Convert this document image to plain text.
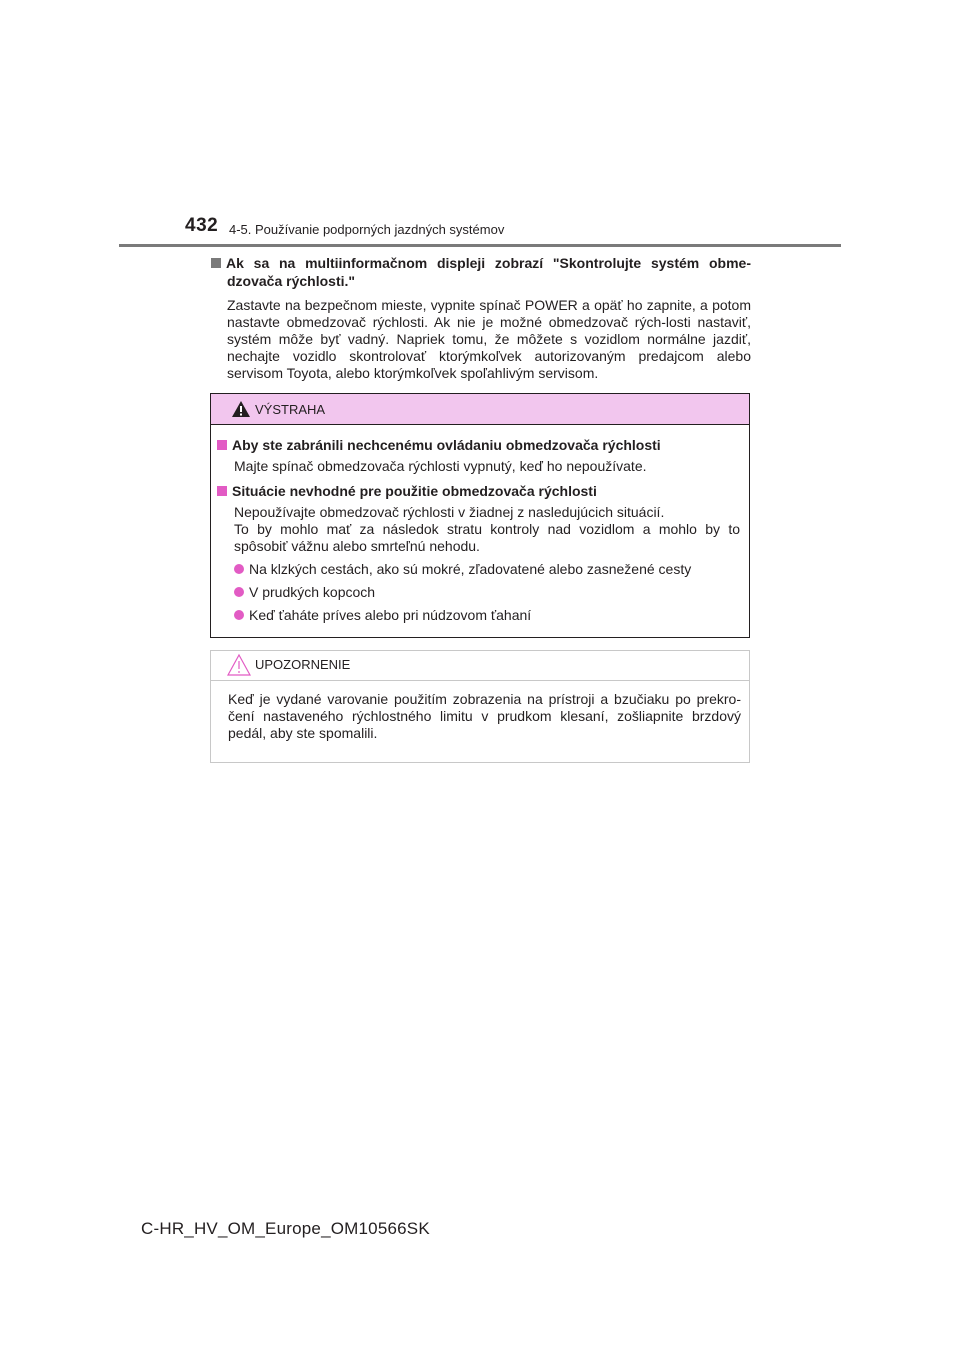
432 4-5. Používanie podporných jazdných systémov
Ak sa na multiinformačnom displeji zobrazí "Skontrolujte systém obme-dzovača rýchlosti."
Zastavte na bezpečnom mieste, vypnite spínač POWER a opäť ho zapnite, a potom nastavte obmedzovač rýchlosti. Ak nie je možné obmedzovač rých-losti nastaviť, systém môže byť vadný. Napriek tomu, že môžete s vozidlom normálne jazdiť, nechajte vozidlo skontrolovať ktorýmkoľvek autorizovaným predajcom alebo servisom Toyota, alebo ktorýmkoľvek spoľahlivým servisom.
VÝSTRAHA
Aby ste zabránili nechcenému ovládaniu obmedzovača rýchlosti
Majte spínač obmedzovača rýchlosti vypnutý, keď ho nepoužívate.
Situácie nevhodné pre použitie obmedzovača rýchlosti
Nepoužívajte obmedzovač rýchlosti v žiadnej z nasledujúcich situácií.
To by mohlo mať za následok stratu kontroly nad vozidlom a mohlo by to spôsobiť vážnu alebo smrteľnú nehodu.
Na klzkých cestách, ako sú mokré, zľadovatené alebo zasnežené cesty
V prudkých kopcoch
Keď ťaháte príves alebo pri núdzovom ťahaní
UPOZORNENIE
Keď je vydané varovanie použitím zobrazenia na prístroji a bzučiaku po prekro-čení nastaveného rýchlostného limitu v prudkom klesaní, zošliapnite brzdový pedál, aby ste spomalili.
C-HR_HV_OM_Europe_OM10566SK
